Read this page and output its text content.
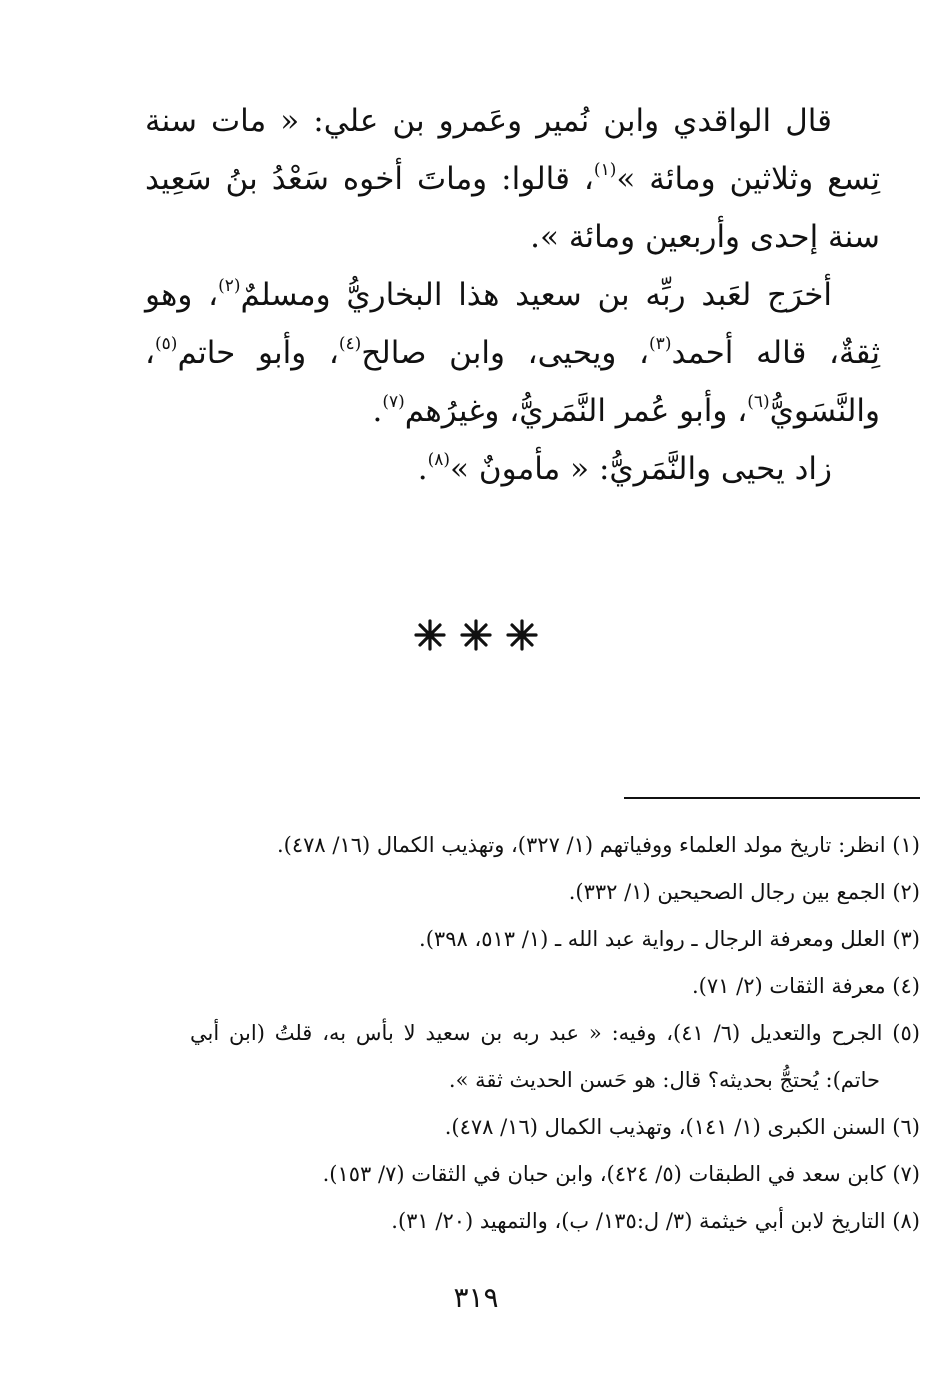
قال الواقدي وابن نُمير وعَمرو بن علي: « مات سنة تِسع وثلاثين ومائة »$^{(١)}$، قالوا: وماتَ أخوه سَعْدُ بنُ سَعِيد سنة إحدى وأربعين ومائة ».

أخرَج لعَبد ربِّه بن سعيد هذا البخاريُّ ومسلمٌ$^{(٢)}$، وهو ثِقةٌ، قاله أحمد$^{(٣)}$، ويحيى، وابن صالح$^{(٤)}$، وأبو حاتم$^{(٥)}$، والنَّسَويُّ$^{(٦)}$، وأبو عُمر النَّمَريُّ، وغيرُهم$^{(٧)}$.

زاد يحيى والنَّمَريُّ: « مأمونٌ »$^{(٨)}$.

(١) انظر: تاريخ مولد العلماء ووفياتهم (١/ ٣٢٧)، وتهذيب الكمال (١٦/ ٤٧٨).

(٢) الجمع بين رجال الصحيحين (١/ ٣٣٢).

(٣) العلل ومعرفة الرجال ـ رواية عبد الله ـ (١/ ٥١٣، ٣٩٨).

(٤) معرفة الثقات (٢/ ٧١).

(٥) الجرح والتعديل (٦/ ٤١)، وفيه: « عبد ربه بن سعيد لا بأس به، قلتُ (ابن أبي حاتم): يُحتجُّ بحديثه؟ قال: هو حَسن الحديث ثقة ».

(٦) السنن الكبرى (١/ ١٤١)، وتهذيب الكمال (١٦/ ٤٧٨).

(٧) كابن سعد في الطبقات (٥/ ٤٢٤)، وابن حبان في الثقات (٧/ ١٥٣).

(٨) التاريخ لابن أبي خيثمة (٣/ ل:١٣٥/ ب)، والتمهيد (٢٠/ ٣١).

٣١٩
